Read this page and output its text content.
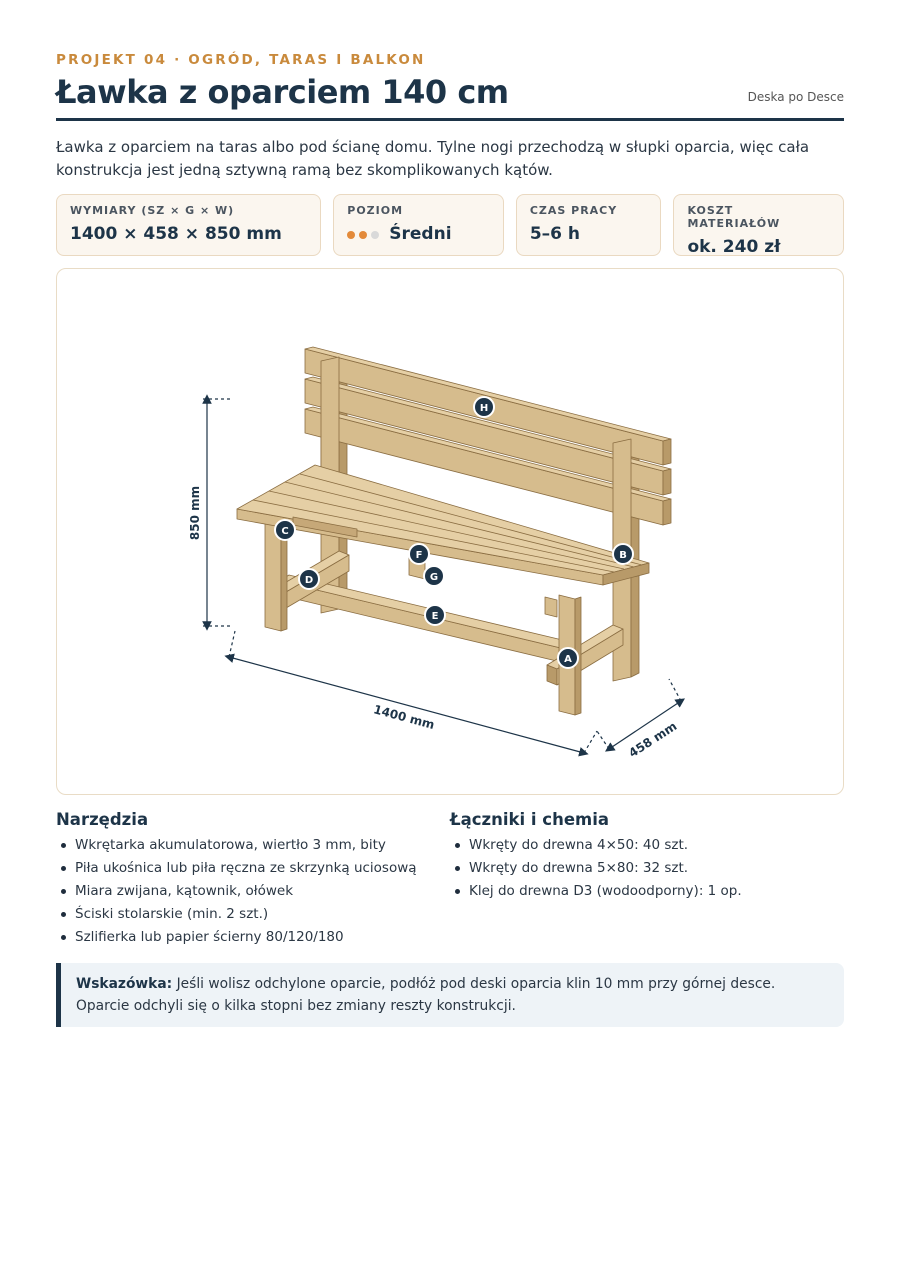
PROJEKT 04 · OGRÓD, TARAS I BALKON
Ławka z oparciem 140 cm	Deska po Desce

Ławka z oparciem na taras albo pod ścianę domu. Tylne nogi przechodzą w słupki oparcia, więc cała konstrukcja jest jedną sztywną ramą bez skomplikowanych kątów.

WYMIARY (SZ × G × W)
1400 × 458 × 850 mm
POZIOM
Średni
CZAS PRACY
5–6 h
KOSZT MATERIAŁÓW
ok. 240 zł
850 mm
1400 mm
458 mm
A
B
C
D
E
F
G
H
Narzędzia
Wkrętarka akumulatorowa, wiertło 3 mm, bity
Piła ukośnica lub piła ręczna ze skrzynką uciosową
Miara zwijana, kątownik, ołówek
Ściski stolarskie (min. 2 szt.)
Szlifierka lub papier ścierny 80/120/180
Łączniki i chemia
Wkręty do drewna 4×50: 40 szt.
Wkręty do drewna 5×80: 32 szt.
Klej do drewna D3 (wodoodporny): 1 op.
Wskazówka: Jeśli wolisz odchylone oparcie, podłóż pod deski oparcia klin 10 mm przy górnej desce. Oparcie odchyli się o kilka stopni bez zmiany reszty konstrukcji.
